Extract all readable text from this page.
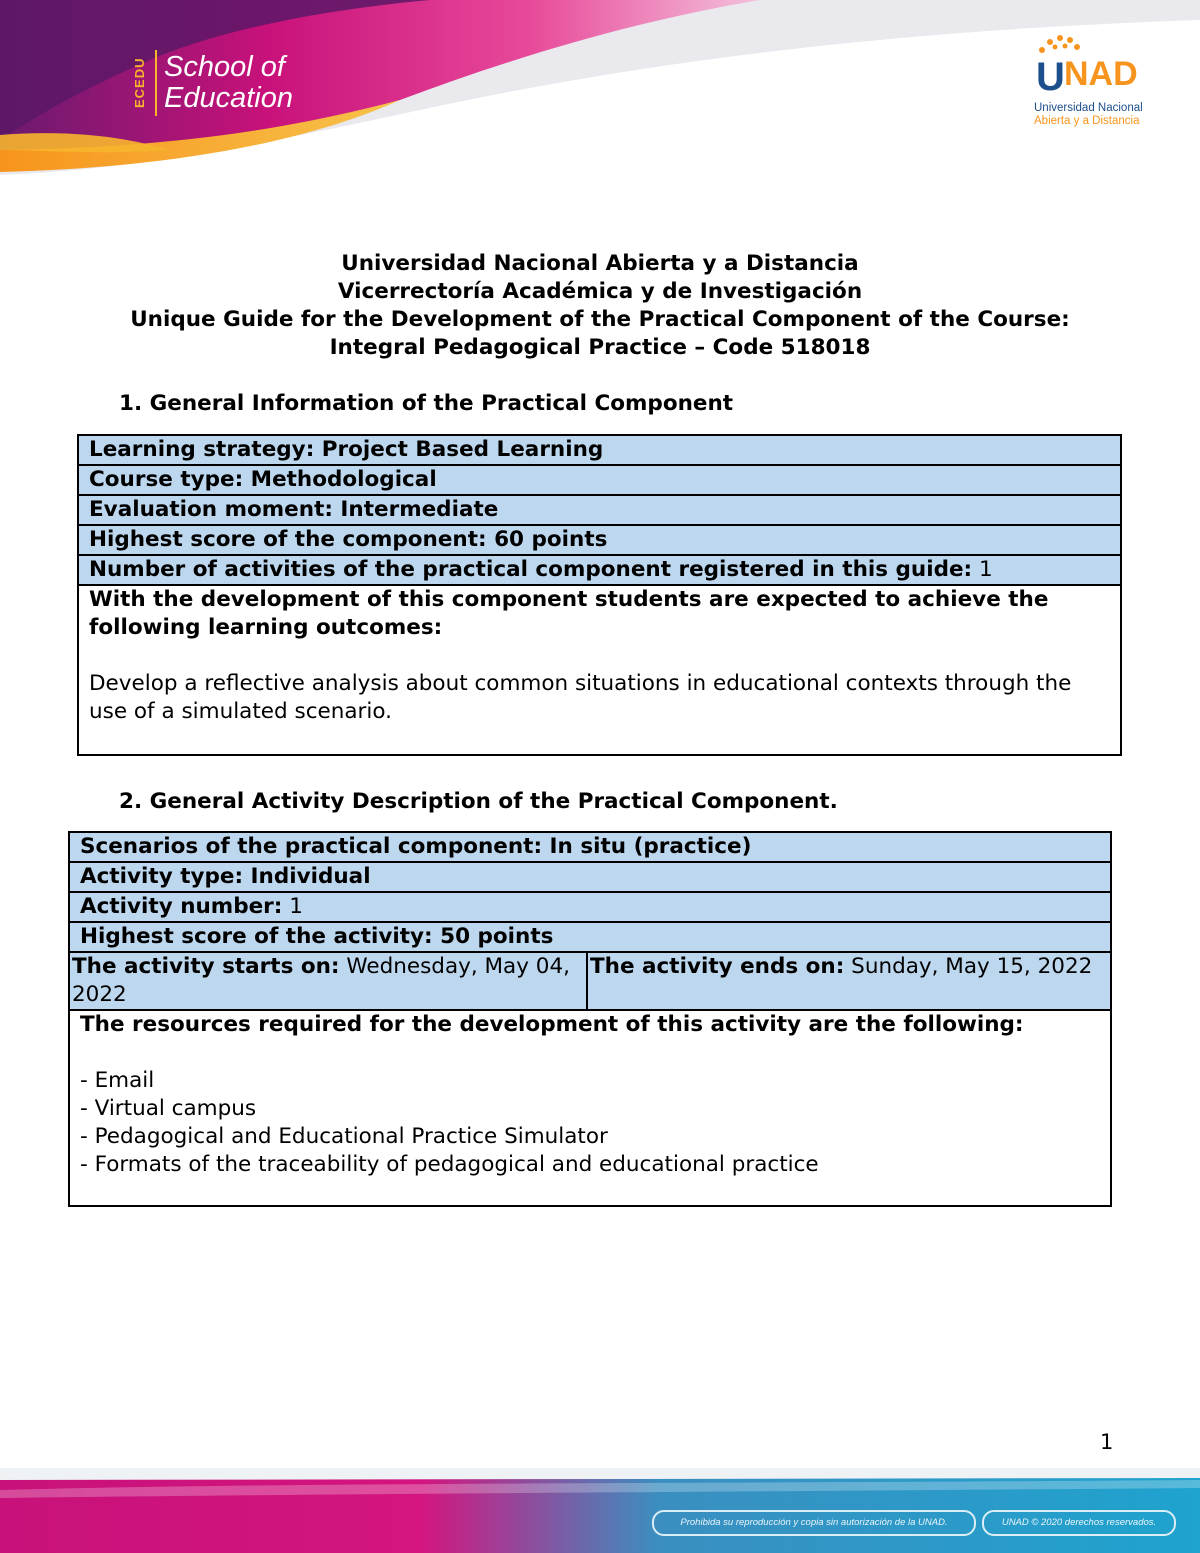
ECEDU School of
Education	U NAD
Universidad Nacional
Abierta y a Distancia
Universidad Nacional Abierta y a Distancia
Vicerrectoría Académica y de Investigación
Unique Guide for the Development of the Practical Component of the Course:
Integral Pedagogical Practice – Code 518018
1. General Information of the Practical Component
Learning strategy: Project Based Learning
Course type: Methodological
Evaluation moment: Intermediate
Highest score of the component: 60 points
Number of activities of the practical component registered in this guide: 1

With the development of this component students are expected to achieve the following learning outcomes:
Develop a reflective analysis about common situations in educational contexts through the use of a simulated scenario.
2. General Activity Description of the Practical Component.
Scenarios of the practical component: In situ (practice)
Activity type: Individual
Activity number: 1
Highest score of the activity: 50 points
The activity starts on: Wednesday, May 04, 2022	The activity ends on: Sunday, May 15, 2022

The resources required for the development of this activity are the following:
- Email
- Virtual campus
- Pedagogical and Educational Practice Simulator
- Formats of the traceability of pedagogical and educational practice
1
Prohibida su reproducción y copia sin autorización de la UNAD.	UNAD © 2020 derechos reservados.
